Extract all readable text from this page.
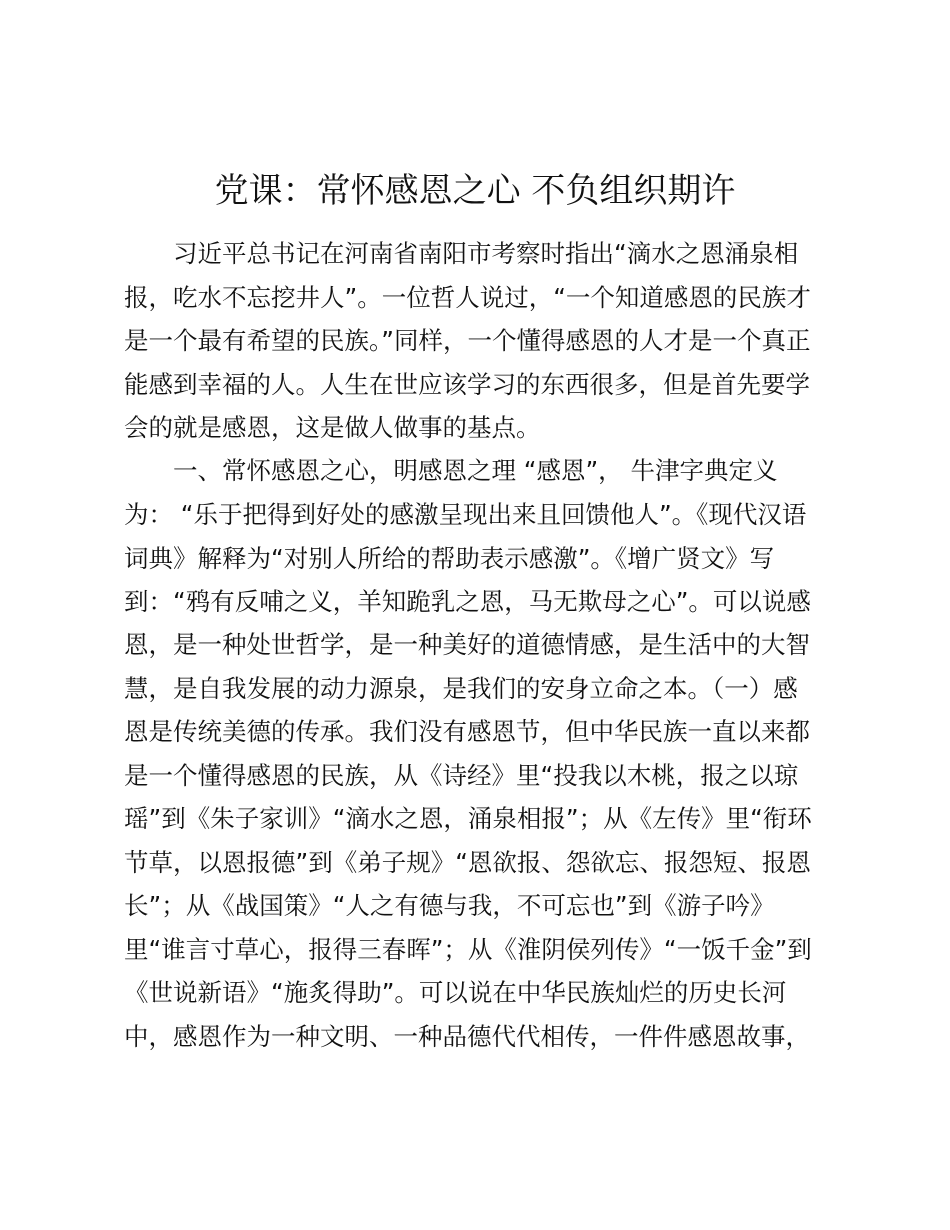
党课：常怀感恩之心 不负组织期许
习近平总书记在河南省南阳市考察时指出“滴水之恩涌泉相
报，吃水不忘挖井人”。一位哲人说过，“一个知道感恩的民族才
是一个最有希望的民族。”同样，一个懂得感恩的人才是一个真正
能感到幸福的人。人生在世应该学习的东西很多，但是首先要学
会的就是感恩，这是做人做事的基点。
一、常怀感恩之心，明感恩之理 “感恩”， 牛津字典定义
为： “乐于把得到好处的感激呈现出来且回馈他人”。《现代汉语
词典》解释为“对别人所给的帮助表示感激”。《增广贤文》写
到：“鸦有反哺之义，羊知跪乳之恩，马无欺母之心”。可以说感
恩，是一种处世哲学，是一种美好的道德情感，是生活中的大智
慧，是自我发展的动力源泉，是我们的安身立命之本。（一）感
恩是传统美德的传承。我们没有感恩节，但中华民族一直以来都
是一个懂得感恩的民族，从《诗经》里“投我以木桃，报之以琼
瑶”到《朱子家训》“滴水之恩，涌泉相报”；从《左传》里“衔环
节草，以恩报德”到《弟子规》“恩欲报、怨欲忘、报怨短、报恩
长”；从《战国策》“人之有德与我，不可忘也”到《游子吟》
里“谁言寸草心，报得三春晖”；从《淮阴侯列传》“一饭千金”到
《世说新语》“施炙得助”。可以说在中华民族灿烂的历史长河
中，感恩作为一种文明、一种品德代代相传，一件件感恩故事，
